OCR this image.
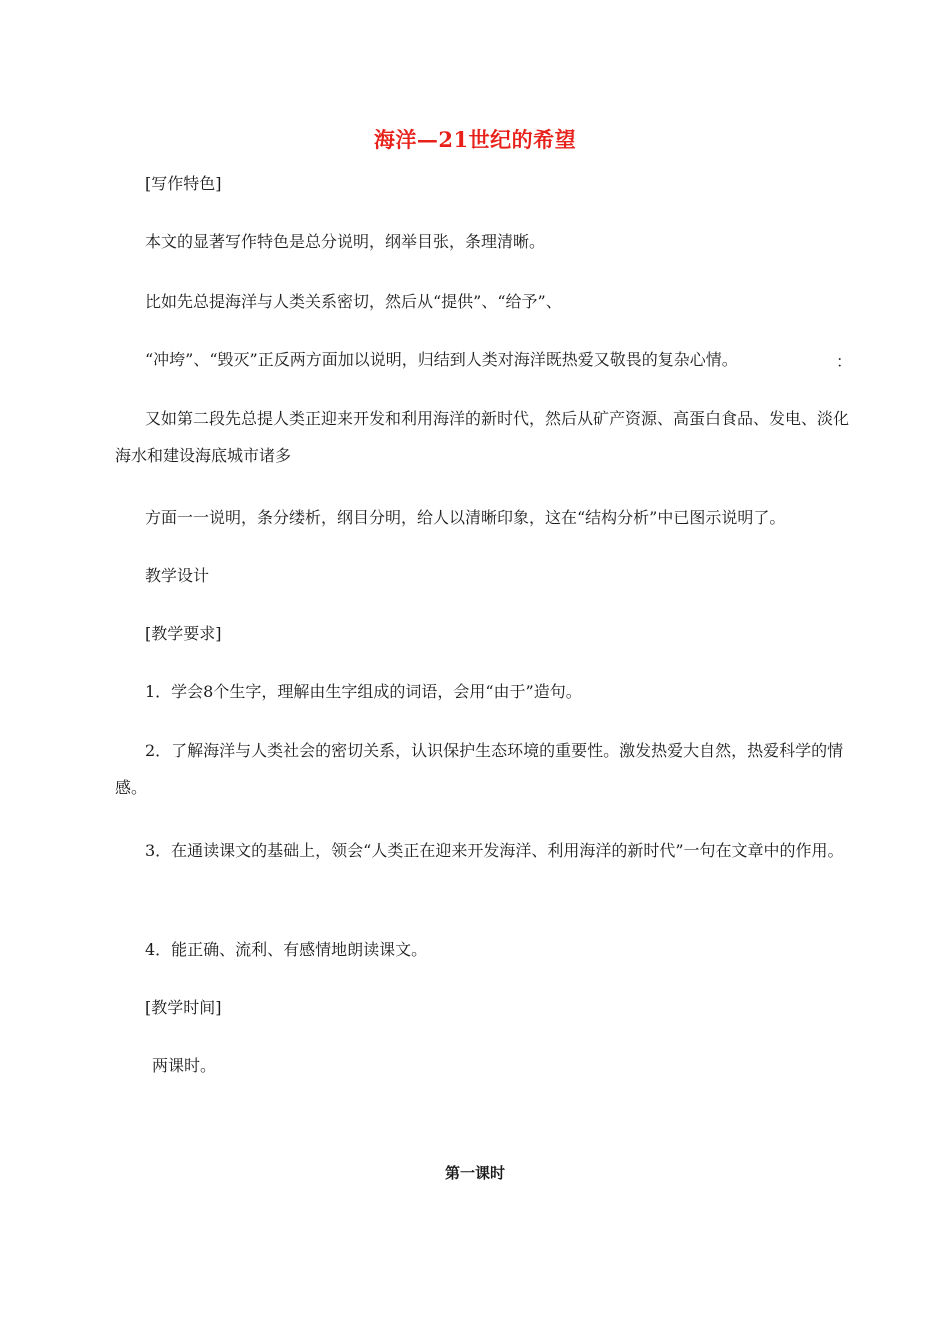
海洋—21世纪的希望

[写作特色]

本文的显著写作特色是总分说明，纲举目张，条理清晰。

比如先总提海洋与人类关系密切，然后从“提供”、“给予”、

“冲垮”、“毁灭”正反两方面加以说明，归结到人类对海洋既热爱又敬畏的复杂心情。	：

又如第二段先总提人类正迎来开发和利用海洋的新时代，然后从矿产资源、高蛋白食品、发电、淡化海水和建设海底城市诸多

方面一一说明，条分缕析，纲目分明，给人以清晰印象，这在“结构分析”中已图示说明了。

教学设计

[教学要求]

1．学会8个生字，理解由生字组成的词语，会用“由于”造句。

2．了解海洋与人类社会的密切关系，认识保护生态环境的重要性。激发热爱大自然，热爱科学的情感。

3．在通读课文的基础上，领会“人类正在迎来开发海洋、利用海洋的新时代”一句在文章中的作用。

4．能正确、流利、有感情地朗读课文。

[教学时间]

两课时。

第一课时
